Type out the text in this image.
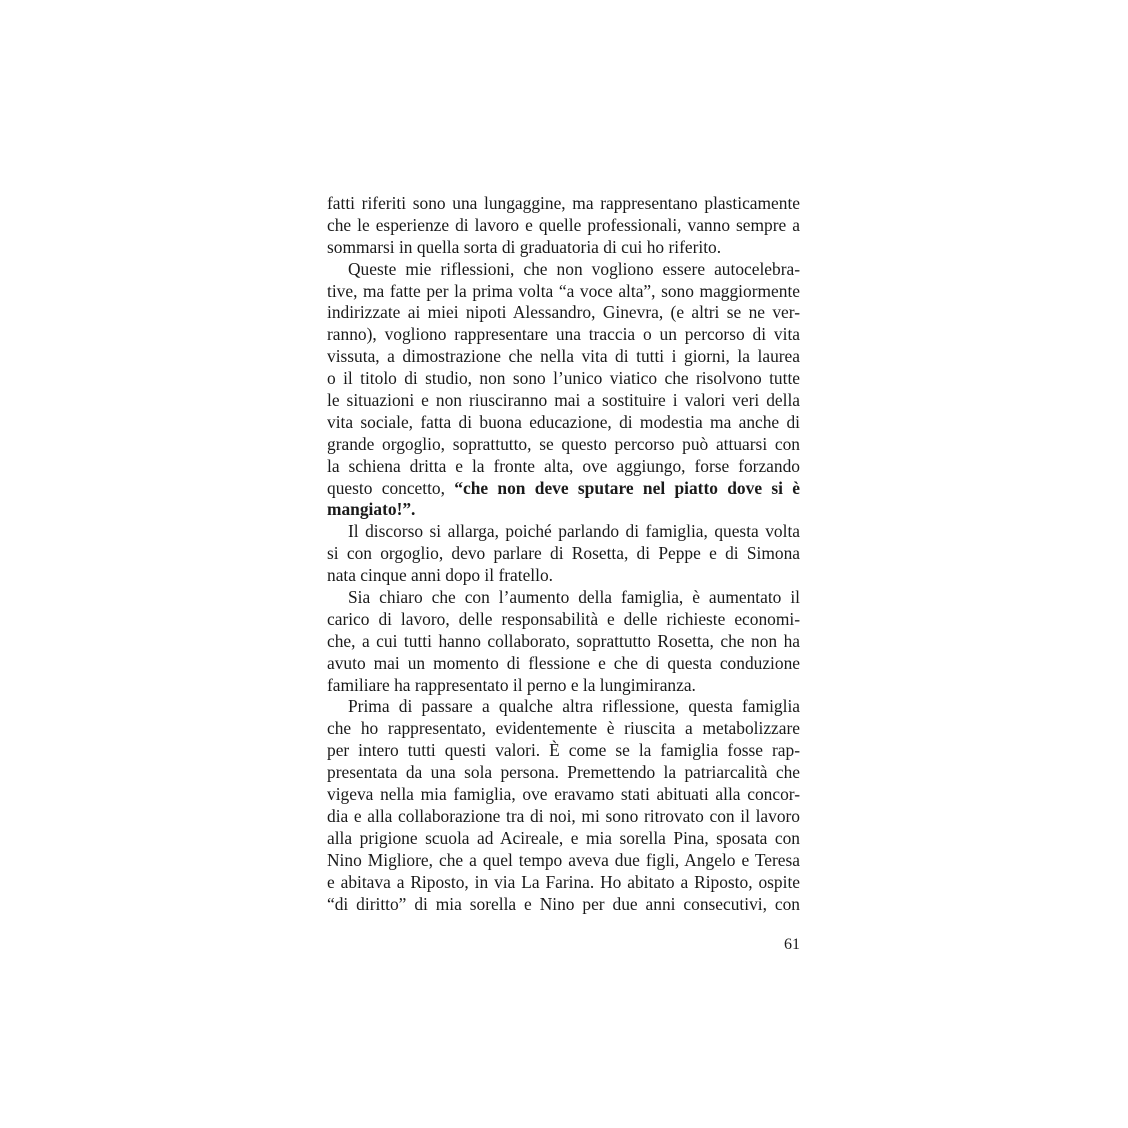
fatti riferiti sono una lungaggine, ma rappresentano plasticamente
che le esperienze di lavoro e quelle professionali, vanno sempre a
sommarsi in quella sorta di graduatoria di cui ho riferito.
Queste mie riflessioni, che non vogliono essere autocelebra-
tive, ma fatte per la prima volta “a voce alta”, sono maggiormente
indirizzate ai miei nipoti Alessandro, Ginevra, (e altri se ne ver-
ranno), vogliono rappresentare una traccia o un percorso di vita
vissuta, a dimostrazione che nella vita di tutti i giorni, la laurea
o il titolo di studio, non sono l’unico viatico che risolvono tutte
le situazioni e non riusciranno mai a sostituire i valori veri della
vita sociale, fatta di buona educazione, di modestia ma anche di
grande orgoglio, soprattutto, se questo percorso può attuarsi con
la schiena dritta e la fronte alta, ove aggiungo, forse forzando
questo concetto, “che non deve sputare nel piatto dove si è
mangiato!”.
Il discorso si allarga, poiché parlando di famiglia, questa volta
si con orgoglio, devo parlare di Rosetta, di Peppe e di Simona
nata cinque anni dopo il fratello.
Sia chiaro che con l’aumento della famiglia, è aumentato il
carico di lavoro, delle responsabilità e delle richieste economi-
che, a cui tutti hanno collaborato, soprattutto Rosetta, che non ha
avuto mai un momento di flessione e che di questa conduzione
familiare ha rappresentato il perno e la lungimiranza.
Prima di passare a qualche altra riflessione, questa famiglia
che ho rappresentato, evidentemente è riuscita a metabolizzare
per intero tutti questi valori. È come se la famiglia fosse rap-
presentata da una sola persona. Premettendo la patriarcalità che
vigeva nella mia famiglia, ove eravamo stati abituati alla concor-
dia e alla collaborazione tra di noi, mi sono ritrovato con il lavoro
alla prigione scuola ad Acireale, e mia sorella Pina, sposata con
Nino Migliore, che a quel tempo aveva due figli, Angelo e Teresa
e abitava a Riposto, in via La Farina. Ho abitato a Riposto, ospite
“di diritto” di mia sorella e Nino per due anni consecutivi, con
61
